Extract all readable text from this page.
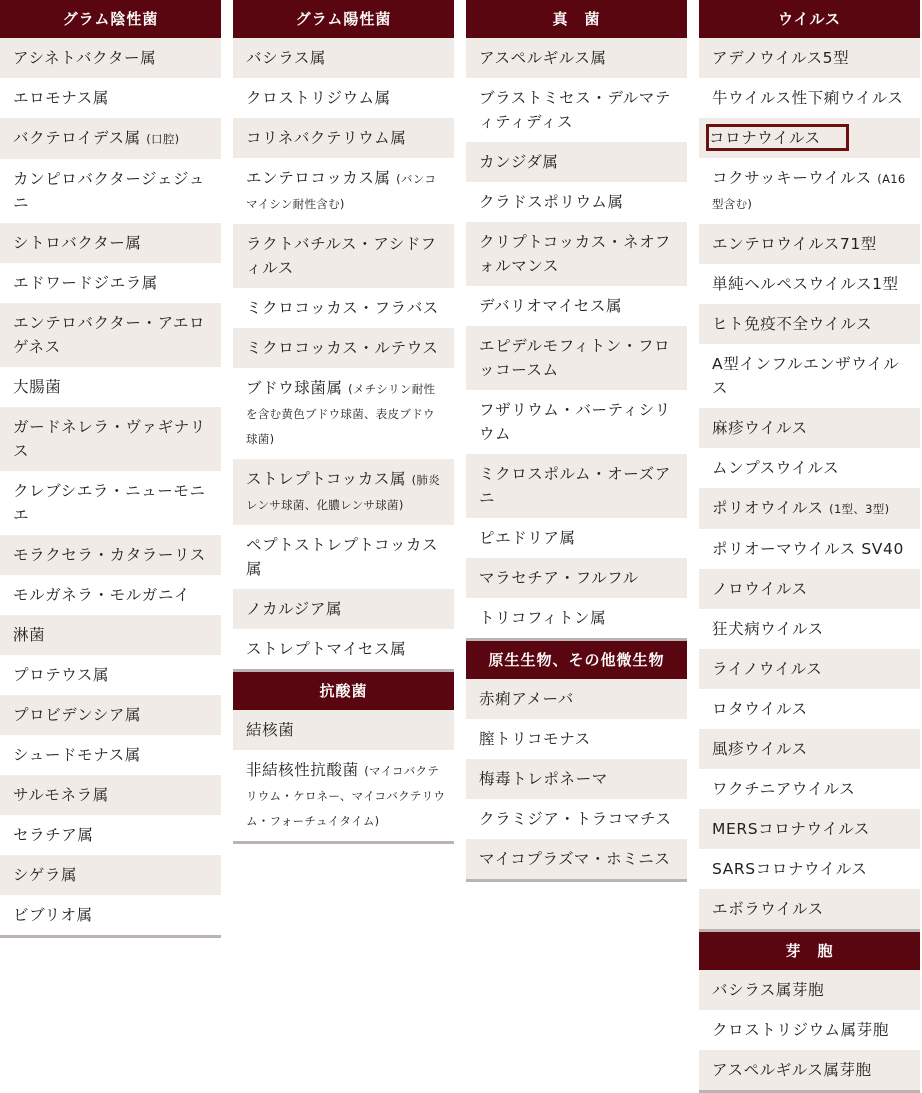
グラム陰性菌
アシネトバクター属
エロモナス属
バクテロイデス属 (口腔)
カンピロバクタージェジュニ
シトロバクター属
エドワードジエラ属
エンテロバクター・アエロゲネス
大腸菌
ガードネレラ・ヴァギナリス
クレブシエラ・ニューモニエ
モラクセラ・カタラーリス
モルガネラ・モルガニイ
淋菌
プロテウス属
プロビデンシア属
シュードモナス属
サルモネラ属
セラチア属
シゲラ属
ビブリオ属
グラム陽性菌
バシラス属
クロストリジウム属
コリネバクテリウム属
エンテロコッカス属 (バンコマイシン耐性含む)
ラクトバチルス・アシドフィルス
ミクロコッカス・フラバス
ミクロコッカス・ルテウス
ブドウ球菌属 (メチシリン耐性を含む黄色ブドウ球菌、表皮ブドウ球菌)
ストレプトコッカス属 (肺炎レンサ球菌、化膿レンサ球菌)
ペプトストレプトコッカス属
ノカルジア属
ストレプトマイセス属
抗酸菌
結核菌
非結核性抗酸菌 (マイコバクテリウム・ケロネー、マイコバクテリウム・フォーチュイタイム)
真　菌
アスペルギルス属
ブラストミセス・デルマティティディス
カンジダ属
クラドスポリウム属
クリプトコッカス・ネオフォルマンス
デバリオマイセス属
エピデルモフィトン・フロッコースム
フザリウム・バーティシリウム
ミクロスポルム・オーズアニ
ピエドリア属
マラセチア・フルフル
トリコフィトン属
原生生物、その他微生物
赤痢アメーバ
膣トリコモナス
梅毒トレポネーマ
クラミジア・トラコマチス
マイコプラズマ・ホミニス
ウイルス
アデノウイルス5型
牛ウイルス性下痢ウイルス
コロナウイルス
コクサッキーウイルス (A16型含む)
エンテロウイルス71型
単純ヘルペスウイルス1型
ヒト免疫不全ウイルス
A型インフルエンザウイルス
麻疹ウイルス
ムンプスウイルス
ポリオウイルス (1型、3型)
ポリオーマウイルス SV40
ノロウイルス
狂犬病ウイルス
ライノウイルス
ロタウイルス
風疹ウイルス
ワクチニアウイルス
MERSコロナウイルス
SARSコロナウイルス
エボラウイルス
芽　胞
バシラス属芽胞
クロストリジウム属芽胞
アスペルギルス属芽胞
